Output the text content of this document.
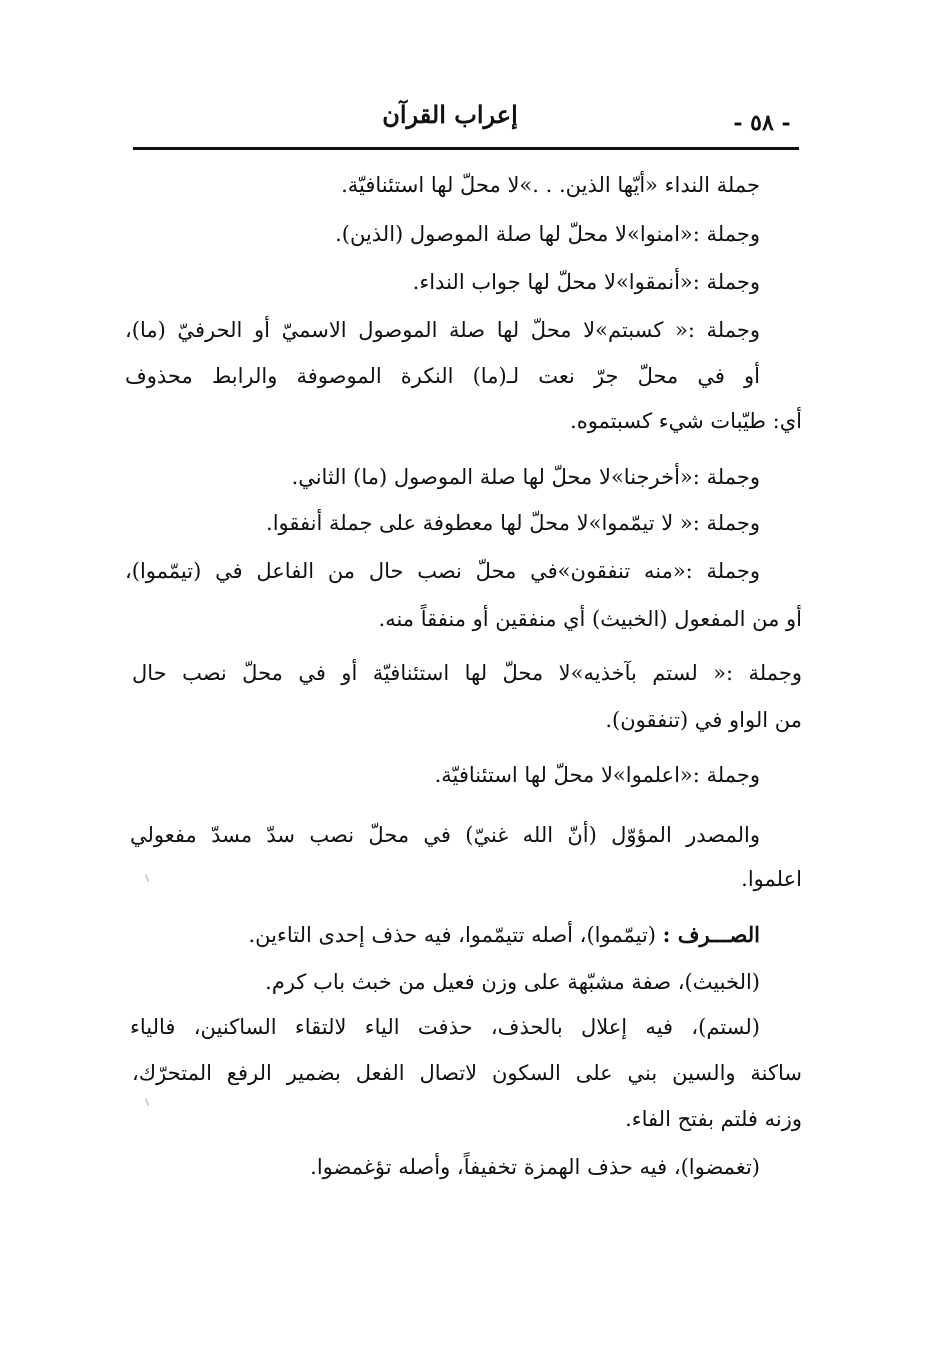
- ٥٨ -
إعراب القرآن
جملة النداء «أيّها الذين. . .»لا محلّ لها استئنافيّة.
وجملة :«امنوا»لا محلّ لها صلة الموصول (الذين).
وجملة :«أنمقوا»لا محلّ لها جواب النداء.
وجملة :« كسبتم»لا محلّ لها صلة الموصول الاسميّ أو الحرفيّ (ما)،
أو في محلّ جرّ نعت لـ(ما) النكرة الموصوفة والرابط محذوف
أي: طيّبات شيء كسبتموه.
وجملة :«أخرجنا»لا محلّ لها صلة الموصول (ما) الثاني.
وجملة :« لا تيمّموا»لا محلّ لها معطوفة على جملة أنفقوا.
وجملة :«منه تنفقون»في محلّ نصب حال من الفاعل في (تيمّموا)،
أو من المفعول (الخبيث) أي منفقين أو منفقاً منه.
وجملة :« لستم بآخذيه»لا محلّ لها استئنافيّة أو في محلّ نصب حال
من الواو في (تنفقون).
وجملة :«اعلموا»لا محلّ لها استئنافيّة.
والمصدر المؤوّل (أنّ الله غنيّ) في محلّ نصب سدّ مسدّ مفعولي
اعلموا.
الصـــرف : (تيمّموا)، أصله تتيمّموا، فيه حذف إحدى التاءين.
(الخبيث)، صفة مشبّهة على وزن فعيل من خبث باب كرم.
(لستم)، فيه إعلال بالحذف، حذفت الياء لالتقاء الساكنين، فالياء
ساكنة والسين بني على السكون لاتصال الفعل بضمير الرفع المتحرّك،
وزنه فلتم بفتح الفاء.
(تغمضوا)، فيه حذف الهمزة تخفيفاً، وأصله تؤغمضوا.
